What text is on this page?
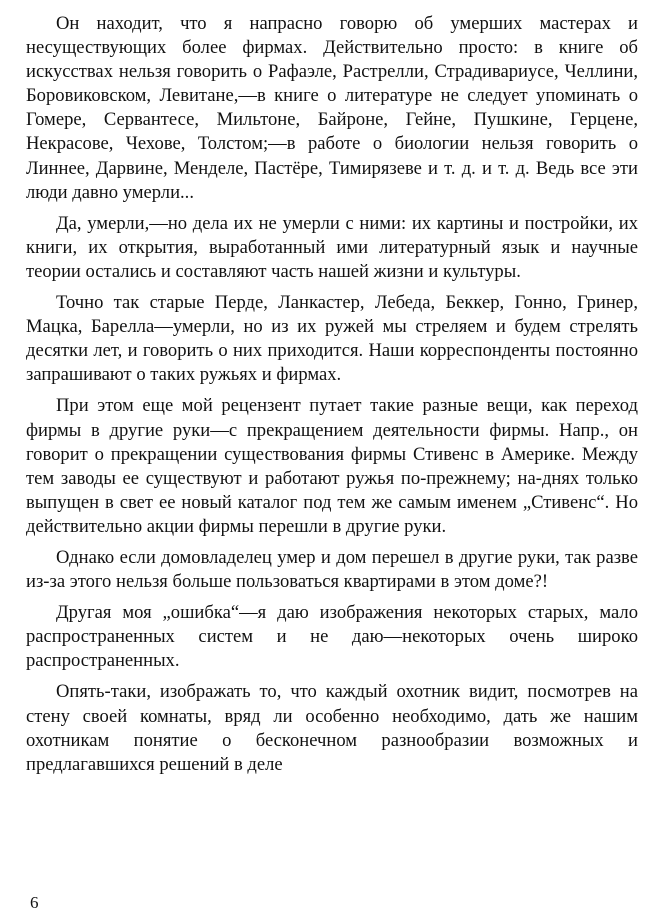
Он находит, что я напрасно говорю об умерших мастерах и несуществующих более фирмах. Действительно просто: в книге об искусствах нельзя говорить о Рафаэле, Растрелли, Страдивариусе, Челлини, Боровиковском, Левитане,—в книге о литературе не следует упоминать о Гомере, Сервантесе, Мильтоне, Байроне, Гейне, Пушкине, Герцене, Некрасове, Чехове, Толстом;—в работе о биологии нельзя говорить о Линнее, Дарвине, Менделе, Пастёре, Тимирязеве и т. д. и т. д. Ведь все эти люди давно умерли...

Да, умерли,—но дела их не умерли с ними: их картины и постройки, их книги, их открытия, выработанный ими литературный язык и научные теории остались и составляют часть нашей жизни и культуры.

Точно так старые Перде, Ланкастер, Лебеда, Беккер, Гонно, Гринер, Мацка, Барелла—умерли, но из их ружей мы стреляем и будем стрелять десятки лет, и говорить о них приходится. Наши корреспонденты постоянно запрашивают о таких ружьях и фирмах.

При этом еще мой рецензент путает такие разные вещи, как переход фирмы в другие руки—с прекращением деятельности фирмы. Напр., он говорит о прекращении существования фирмы Стивенс в Америке. Между тем заводы ее существуют и работают ружья по-прежнему; на-днях только выпущен в свет ее новый каталог под тем же самым именем „Стивенс“. Но действительно акции фирмы перешли в другие руки.

Однако если домовладелец умер и дом перешел в другие руки, так разве из-за этого нельзя больше пользоваться квартирами в этом доме?!

Другая моя „ошибка“—я даю изображения некоторых старых, мало распространенных систем и не даю—некоторых очень широко распространенных.

Опять-таки, изображать то, что каждый охотник видит, посмотрев на стену своей комнаты, вряд ли особенно необходимо, дать же нашим охотникам понятие о бесконечном разнообразии возможных и предлагавшихся решений в деле

6
